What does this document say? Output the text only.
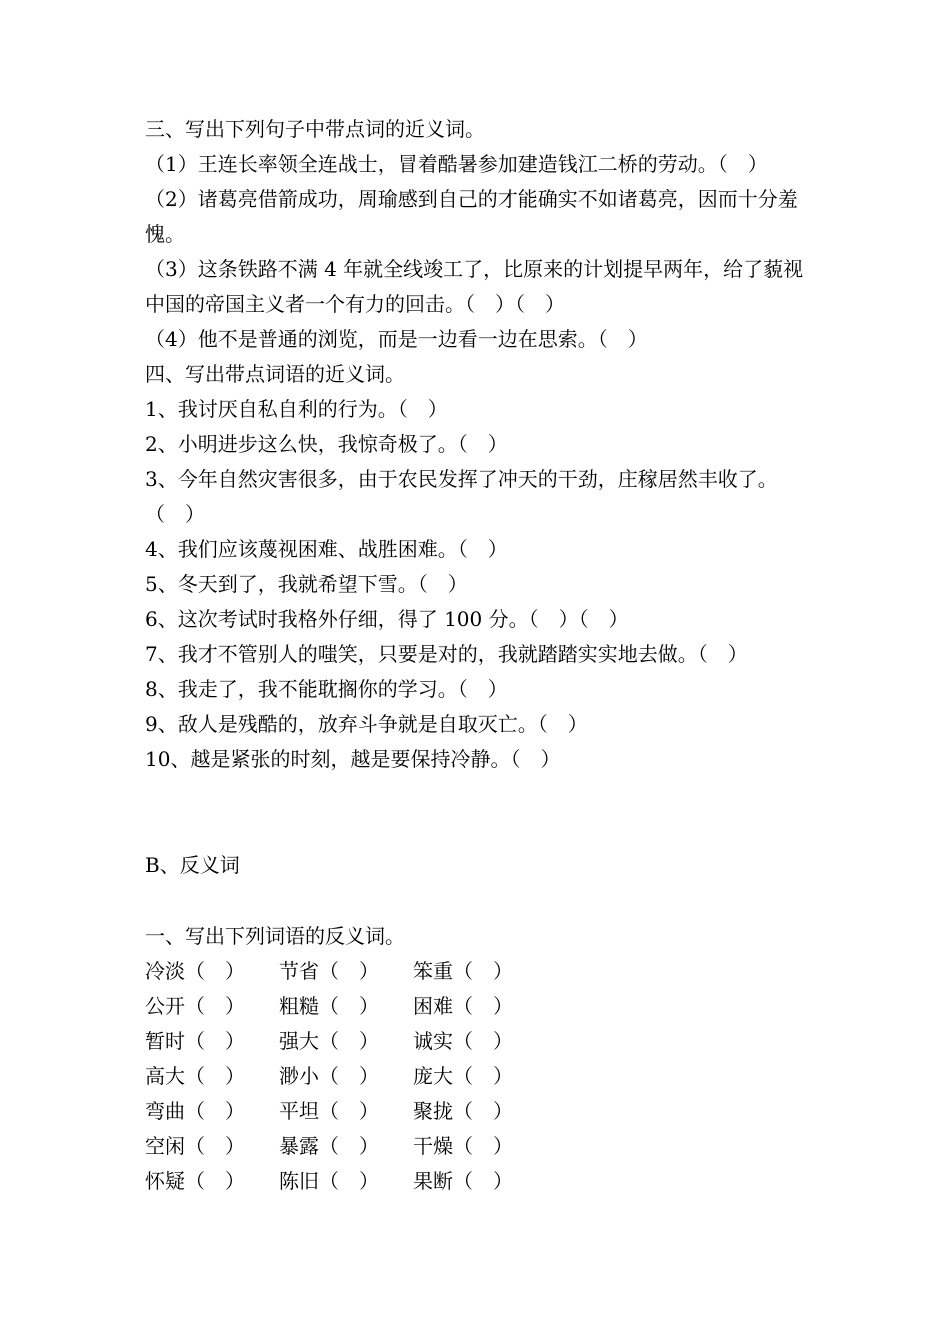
三、写出下列句子中带点词的近义词。
（1）王连长率领全连战士，冒着酷暑参加建造钱江二桥的劳动。（　）
（2）诸葛亮借箭成功，周瑜感到自己的才能确实不如诸葛亮，因而十分羞愧。
（3）这条铁路不满 4 年就全线竣工了，比原来的计划提早两年，给了藐视中国的帝国主义者一个有力的回击。（　）（　）
（4）他不是普通的浏览，而是一边看一边在思索。（　）
四、写出带点词语的近义词。
1、我讨厌自私自利的行为。（　）
2、小明进步这么快，我惊奇极了。（　）
3、今年自然灾害很多，由于农民发挥了冲天的干劲，庄稼居然丰收了。（　）
4、我们应该蔑视困难、战胜困难。（　）
5、冬天到了，我就希望下雪。（　）
6、这次考试时我格外仔细，得了 100 分。（　）（　）
7、我才不管别人的嗤笑，只要是对的，我就踏踏实实地去做。（　）
8、我走了，我不能耽搁你的学习。（　）
9、敌人是残酷的，放弃斗争就是自取灭亡。（　）
10、越是紧张的时刻，越是要保持冷静。（　）
B、反义词
一、写出下列词语的反义词。
冷淡（　）	节省（　）	笨重（　）
公开（　）	粗糙（　）	困难（　）
暂时（　）	强大（　）	诚实（　）
高大（　）	渺小（　）	庞大（　）
弯曲（　）	平坦（　）	聚拢（　）
空闲（　）	暴露（　）	干燥（　）
怀疑（　）	陈旧（　）	果断（　）
